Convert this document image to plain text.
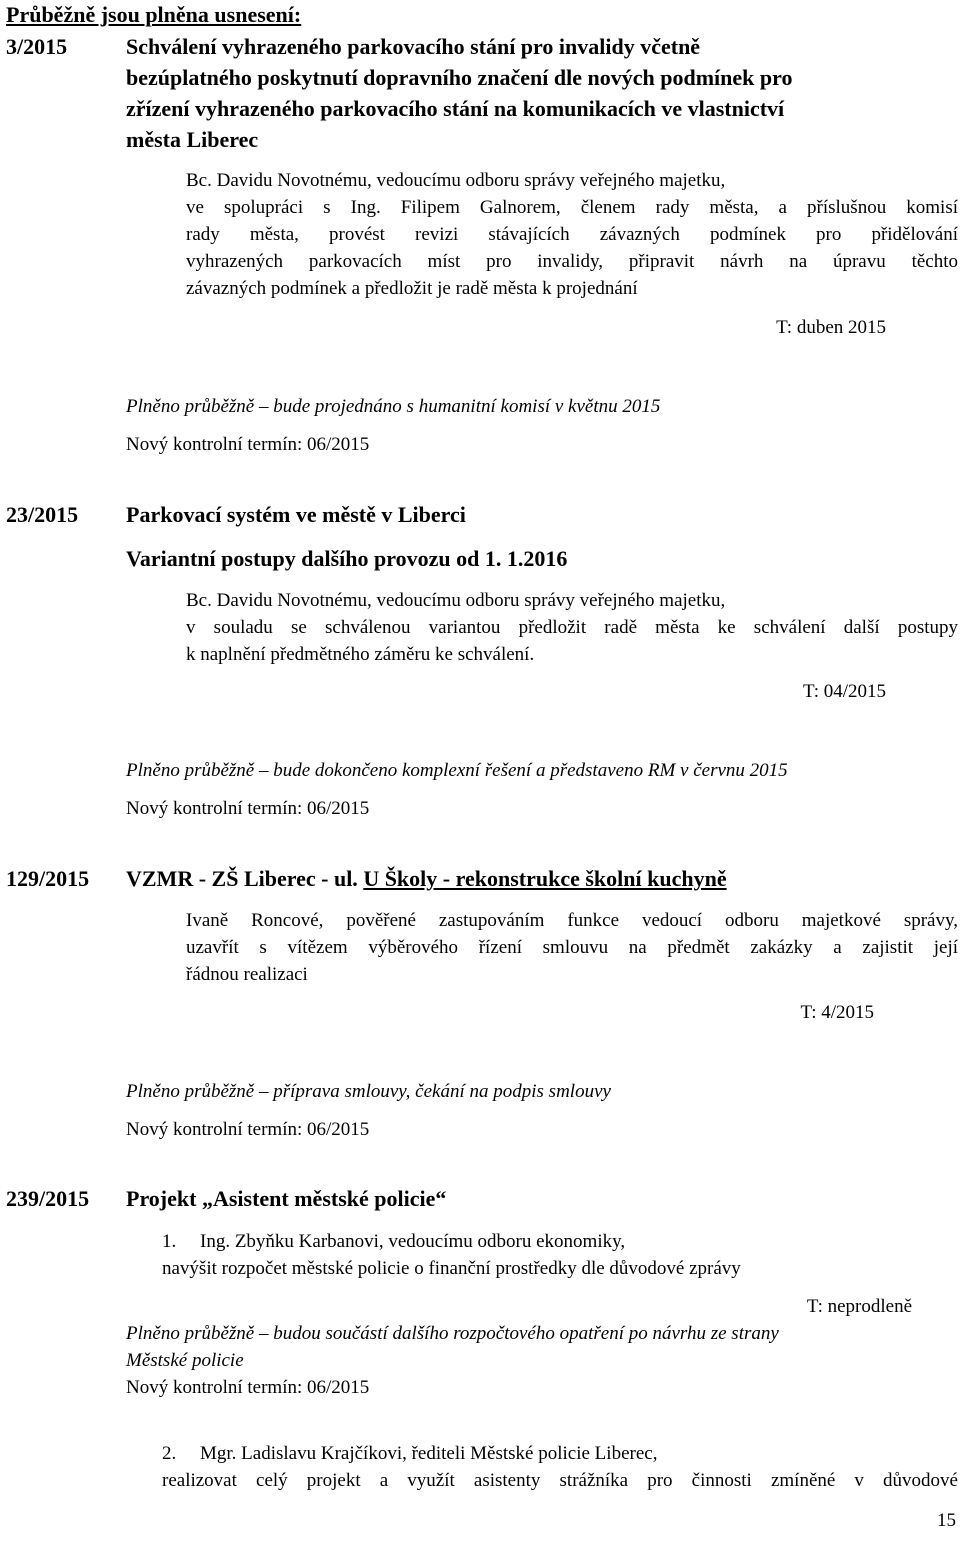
Průběžně jsou plněna usnesení:
3/2015	Schválení vyhrazeného parkovacího stání pro invalidy včetně
bezúplatného poskytnutí dopravního značení dle nových podmínek pro
zřízení vyhrazeného parkovacího stání na komunikacích ve vlastnictví
města Liberec
Bc. Davidu Novotnému, vedoucímu odboru správy veřejného majetku,
ve spolupráci s Ing. Filipem Galnorem, členem rady města, a příslušnou komisí
rady města, provést revizi stávajících závazných podmínek pro přidělování
vyhrazených parkovacích míst pro invalidy, připravit návrh na úpravu těchto
závazných podmínek a předložit je radě města k projednání
T: duben 2015
Plněno průběžně – bude projednáno s humanitní komisí v květnu 2015
Nový kontrolní termín: 06/2015
23/2015 Parkovací systém ve městě v Liberci
Variantní postupy dalšího provozu od 1. 1.2016
Bc. Davidu Novotnému, vedoucímu odboru správy veřejného majetku,
v souladu se schválenou variantou předložit radě města ke schválení další postupy
k naplnění předmětného záměru ke schválení.
T: 04/2015
Plněno průběžně – bude dokončeno komplexní řešení a představeno RM v červnu 2015
Nový kontrolní termín: 06/2015
129/2015 VZMR - ZŠ Liberec - ul. U Školy - rekonstrukce školní kuchyně
Ivaně Roncové, pověřené zastupováním funkce vedoucí odboru majetkové správy,
uzavřít s vítězem výběrového řízení smlouvu na předmět zakázky a zajistit její
řádnou realizaci
T: 4/2015
Plněno průběžně – příprava smlouvy, čekání na podpis smlouvy
Nový kontrolní termín: 06/2015
239/2015 Projekt „Asistent městské policie“
1. Ing. Zbyňku Karbanovi, vedoucímu odboru ekonomiky,
navýšit rozpočet městské policie o finanční prostředky dle důvodové zprávy
T: neprodleně
Plněno průběžně – budou součástí dalšího rozpočtového opatření po návrhu ze strany
Městské policie
Nový kontrolní termín: 06/2015
2. Mgr. Ladislavu Krajčíkovi, řediteli Městské policie Liberec,
realizovat celý projekt a využít asistenty strážníka pro činnosti zmíněné v důvodové
15
